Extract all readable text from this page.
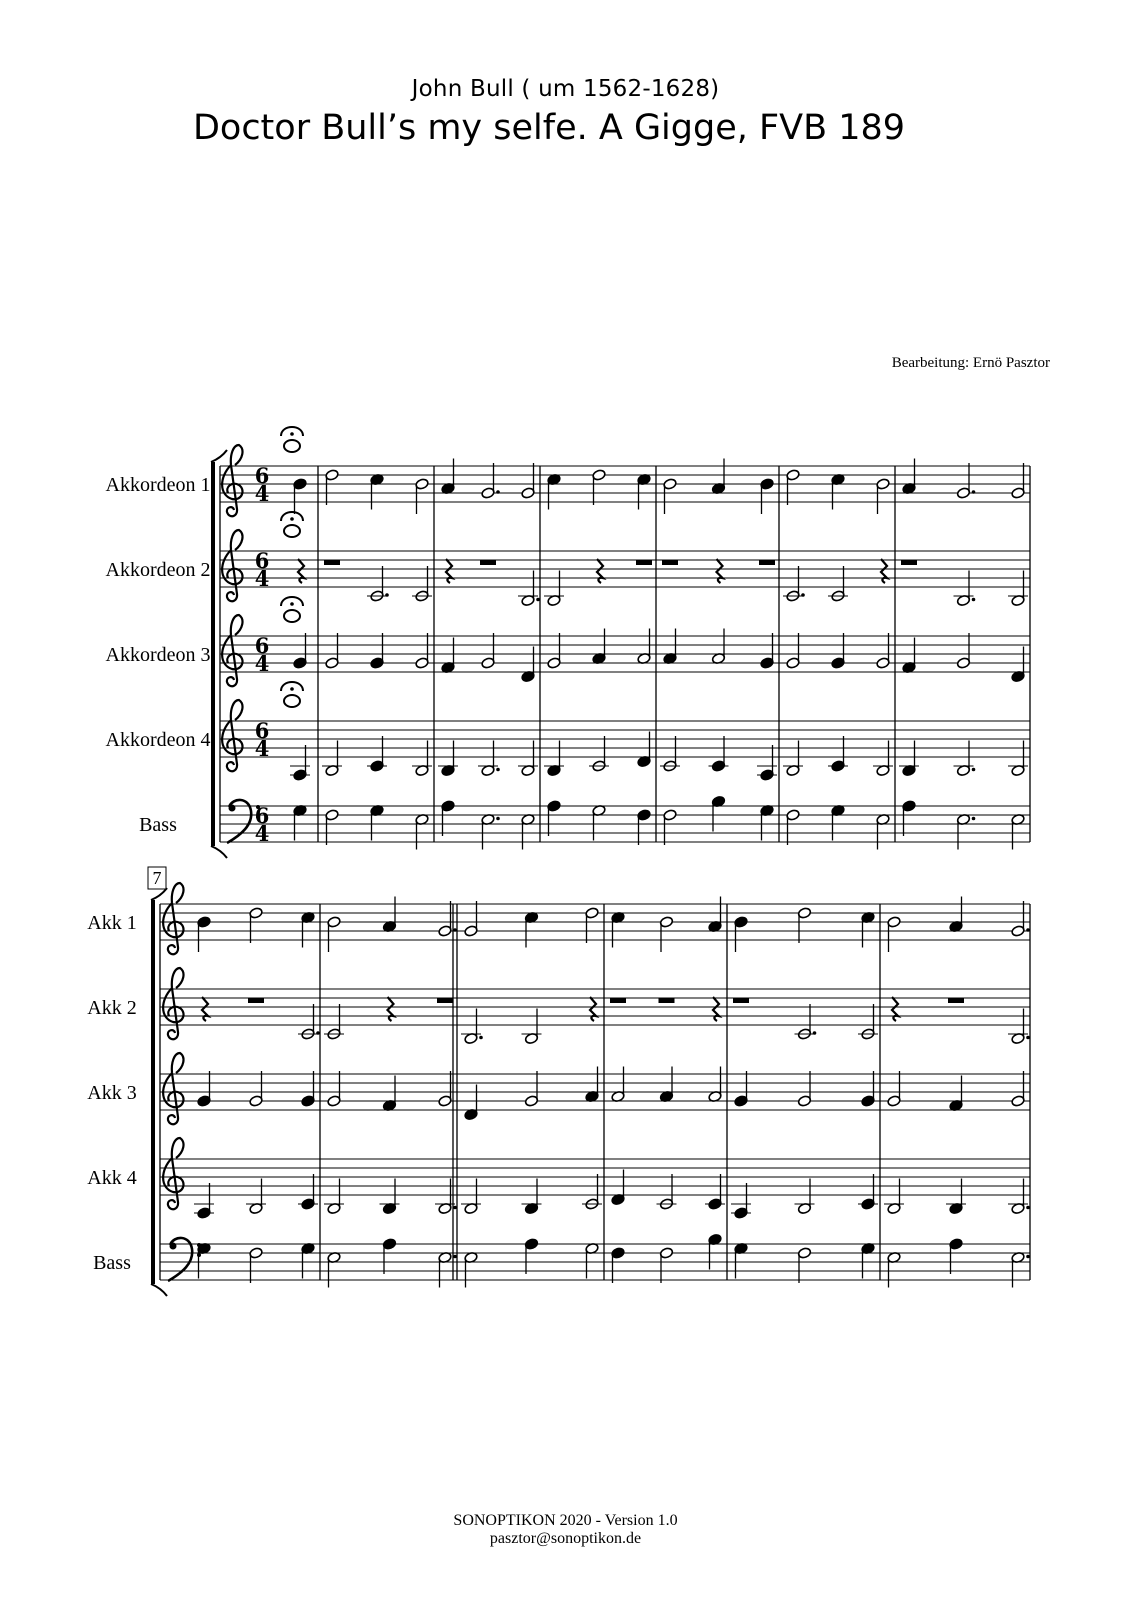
John Bull ( um 1562-1628)
Doctor Bull’s my selfe. A Gigge, FVB 189
Bearbeitung: Ernö Pasztor
6
4
6
4
6
4
6
4
6
4
Akkordeon 1
Akkordeon 2
Akkordeon 3
Akkordeon 4
Bass
7
Akk 1
Akk 2
Akk 3
Akk 4
Bass
SONOPTIKON 2020 - Version 1.0
pasztor@sonoptikon.de
